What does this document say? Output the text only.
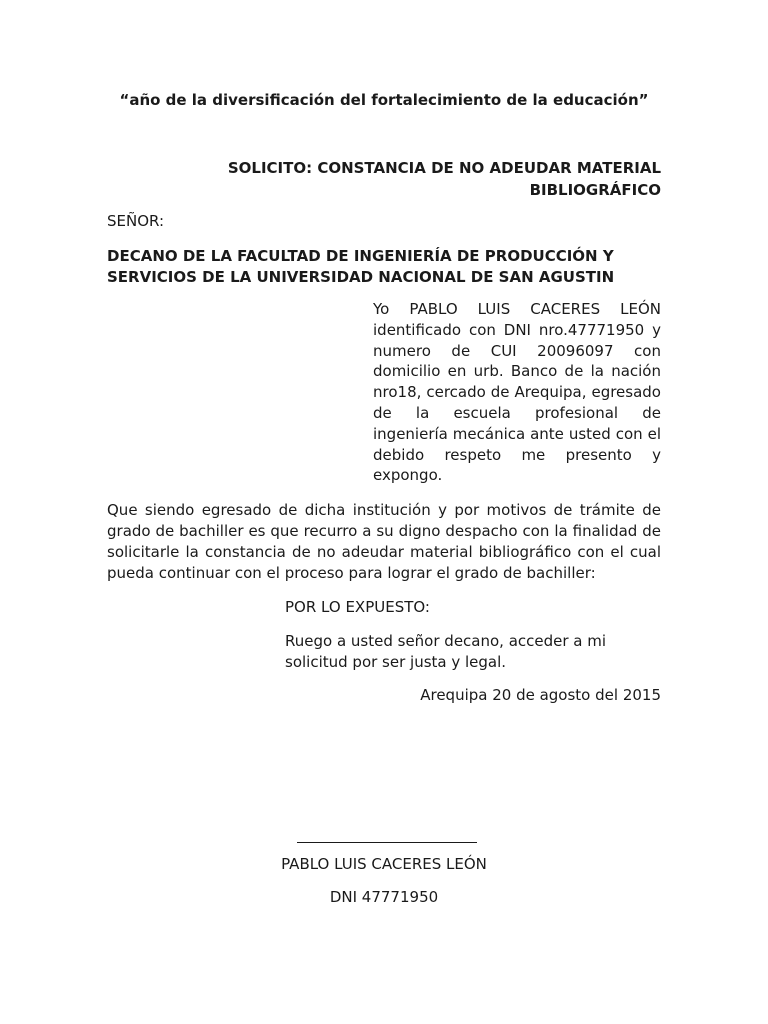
“año de la diversificación del fortalecimiento de la educación”
SOLICITO: CONSTANCIA DE NO ADEUDAR MATERIAL
BIBLIOGRÁFICO
SEÑOR:
DECANO DE LA FACULTAD DE INGENIERÍA DE PRODUCCIÓN Y SERVICIOS DE LA UNIVERSIDAD NACIONAL DE SAN AGUSTIN
Yo PABLO LUIS CACERES LEÓN identificado con DNI nro.47771950 y numero de CUI 20096097 con domicilio en urb. Banco de la nación nro18, cercado de Arequipa, egresado de la escuela profesional de ingeniería mecánica ante usted con el debido respeto me presento y expongo.
Que siendo egresado de dicha institución y por motivos de trámite de grado de bachiller es que recurro a su digno despacho con la finalidad de solicitarle la constancia de no adeudar material bibliográfico con el cual pueda continuar con el proceso para lograr el grado de bachiller:
POR LO EXPUESTO:
Ruego a usted señor decano, acceder a mi solicitud por ser justa y legal.
Arequipa 20 de agosto del 2015
PABLO LUIS CACERES LEÓN
DNI 47771950
